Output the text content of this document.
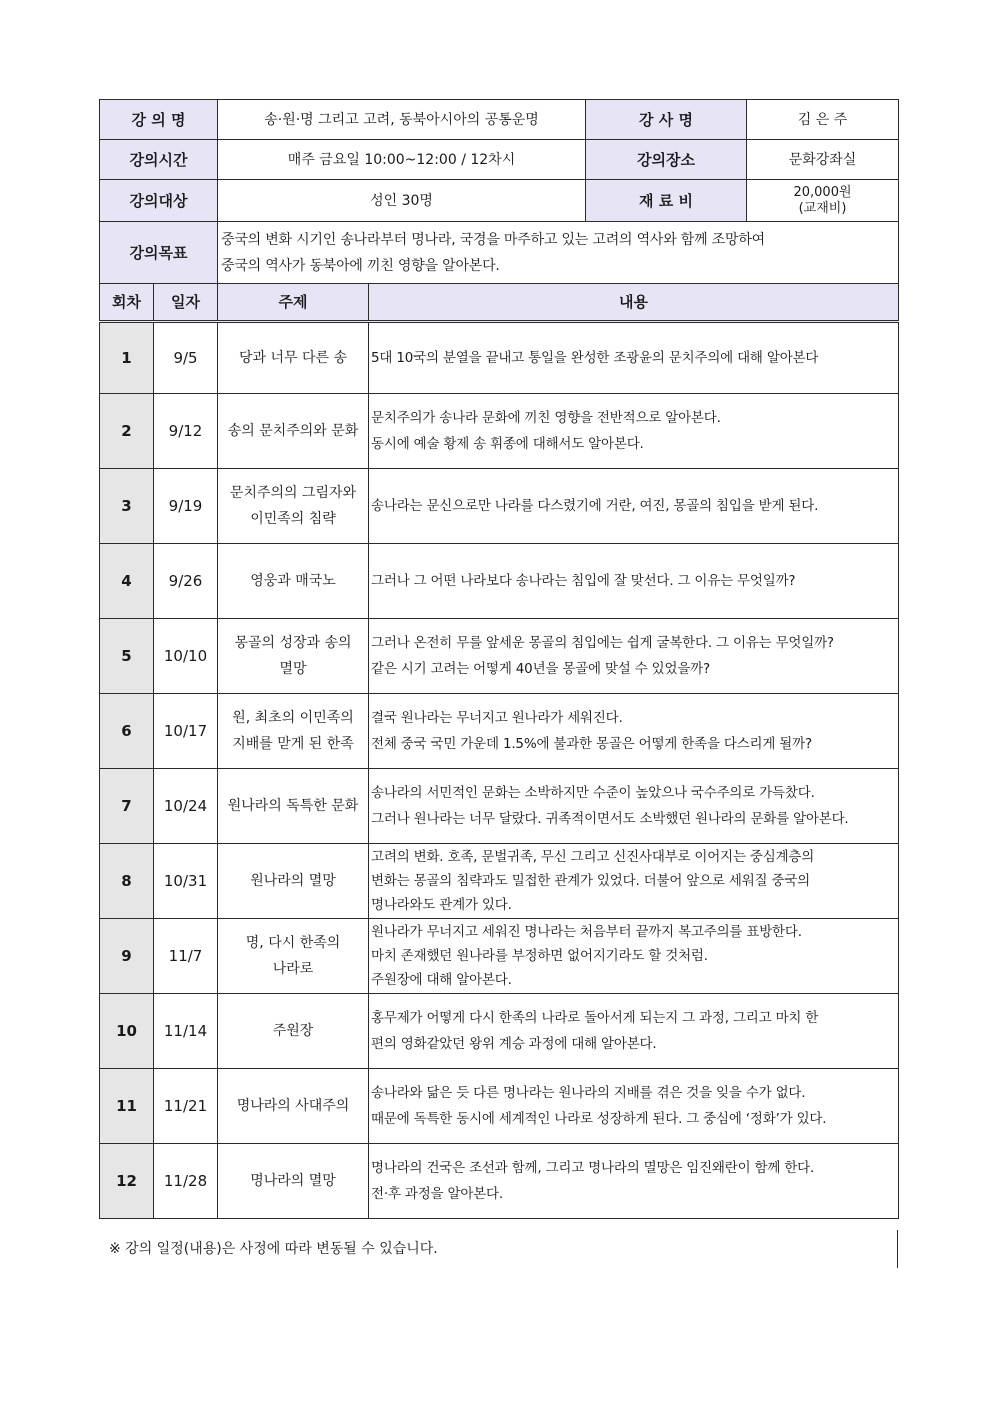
강 의 명		송·원·명 그리고 고려, 동북아시아의 공통운명		강 사 명	김 은 주
강의시간		매주 금요일 10:00~12:00 / 12차시		강의장소	문화강좌실
강의대상		성인 30명		재 료 비	20,000원
(교재비)

강의목표		중국의 변화 시기인 송나라부터 명나라, 국경을 마주하고 있는 고려의 역사와 함께 조망하여
중국의 역사가 동북아에 끼친 영향을 알아본다.			

회차	일자	주제	내용		
1	9/5	당과 너무 다른 송	5대 10국의 분열을 끝내고 통일을 완성한 조광윤의 문치주의에 대해 알아본다		

2	9/12	송의 문치주의와 문화	문치주의가 송나라 문화에 끼친 영향을 전반적으로 알아본다.
동시에 예술 황제 송 휘종에 대해서도 알아본다.		

3	9/19	문치주의의 그림자와
이민족의 침략	송나라는 문신으로만 나라를 다스렸기에 거란, 여진, 몽골의 침입을 받게 된다.		

4	9/26	영웅과 매국노	그러나 그 어떤 나라보다 송나라는 침입에 잘 맞선다. 그 이유는 무엇일까?		

5	10/10	몽골의 성장과 송의
멸망	그러나 온전히 무를 앞세운 몽골의 침입에는 쉽게 굴복한다. 그 이유는 무엇일까?
같은 시기 고려는 어떻게 40년을 몽골에 맞설 수 있었을까?		

6	10/17	원, 최초의 이민족의
지배를 맏게 된 한족	결국 원나라는 무너지고 원나라가 세워진다.
전체 중국 국민 가운데 1.5%에 불과한 몽골은 어떻게 한족을 다스리게 될까?		

7	10/24	원나라의 독특한 문화	송나라의 서민적인 문화는 소박하지만 수준이 높았으나 국수주의로 가득찼다.
그러나 원나라는 너무 달랐다. 귀족적이면서도 소박했던 원나라의 문화를 알아본다.		

8	10/31	원나라의 멸망	고려의 변화. 호족, 문벌귀족, 무신 그리고 신진사대부로 이어지는 중심계층의
변화는 몽골의 침략과도 밀접한 관계가 있었다. 더불어 앞으로 세워질 중국의
명나라와도 관계가 있다.		

9	11/7	명, 다시 한족의
나라로	원나라가 무너지고 세워진 명나라는 처음부터 끝까지 복고주의를 표방한다.
마치 존재했던 원나라를 부정하면 없어지기라도 할 것처럼.
주원장에 대해 알아본다.		

10	11/14	주원장	홍무제가 어떻게 다시 한족의 나라로 돌아서게 되는지 그 과정, 그리고 마치 한
편의 영화같았던 왕위 계승 과정에 대해 알아본다.		

11	11/21	명나라의 사대주의	송나라와 닮은 듯 다른 명나라는 원나라의 지배를 겪은 것을 잊을 수가 없다.
때문에 독특한 동시에 세계적인 나라로 성장하게 된다. 그 중심에 ‘정화’가 있다.		

12	11/28	명나라의 멸망	명나라의 건국은 조선과 함께, 그리고 명나라의 멸망은 임진왜란이 함께 한다.
전·후 과정을 알아본다.		
※ 강의 일정(내용)은 사정에 따라 변동될 수 있습니다.
